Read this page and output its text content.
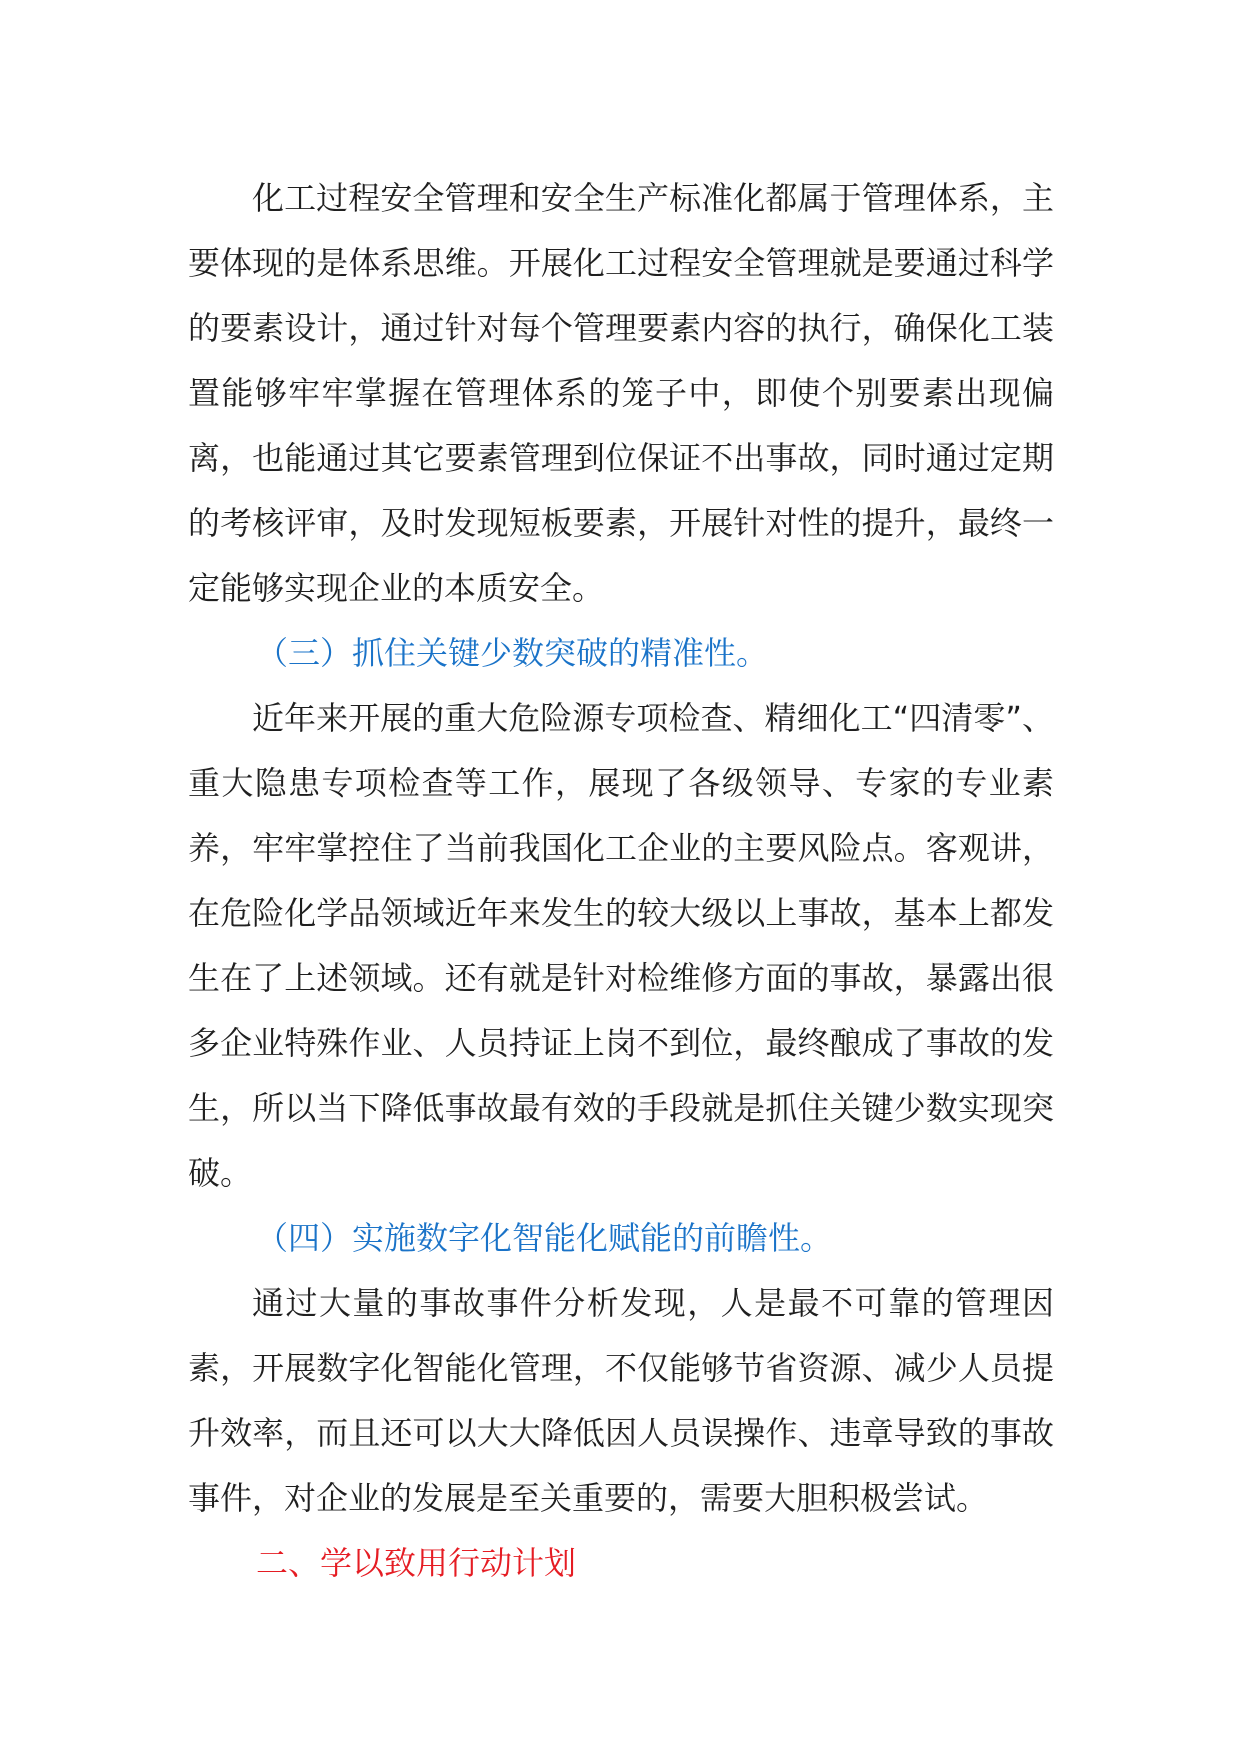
化工过程安全管理和安全生产标准化都属于管理体系，主要体现的是体系思维。开展化工过程安全管理就是要通过科学的要素设计，通过针对每个管理要素内容的执行，确保化工装置能够牢牢掌握在管理体系的笼子中，即使个别要素出现偏离，也能通过其它要素管理到位保证不出事故，同时通过定期的考核评审，及时发现短板要素，开展针对性的提升，最终一定能够实现企业的本质安全。

（三）抓住关键少数突破的精准性。

近年来开展的重大危险源专项检查、精细化工“四清零”、重大隐患专项检查等工作，展现了各级领导、专家的专业素养，牢牢掌控住了当前我国化工企业的主要风险点。客观讲，在危险化学品领域近年来发生的较大级以上事故，基本上都发生在了上述领域。还有就是针对检维修方面的事故，暴露出很多企业特殊作业、人员持证上岗不到位，最终酿成了事故的发生，所以当下降低事故最有效的手段就是抓住关键少数实现突破。

（四）实施数字化智能化赋能的前瞻性。

通过大量的事故事件分析发现，人是最不可靠的管理因素，开展数字化智能化管理，不仅能够节省资源、减少人员提升效率，而且还可以大大降低因人员误操作、违章导致的事故事件，对企业的发展是至关重要的，需要大胆积极尝试。

二、学以致用行动计划
